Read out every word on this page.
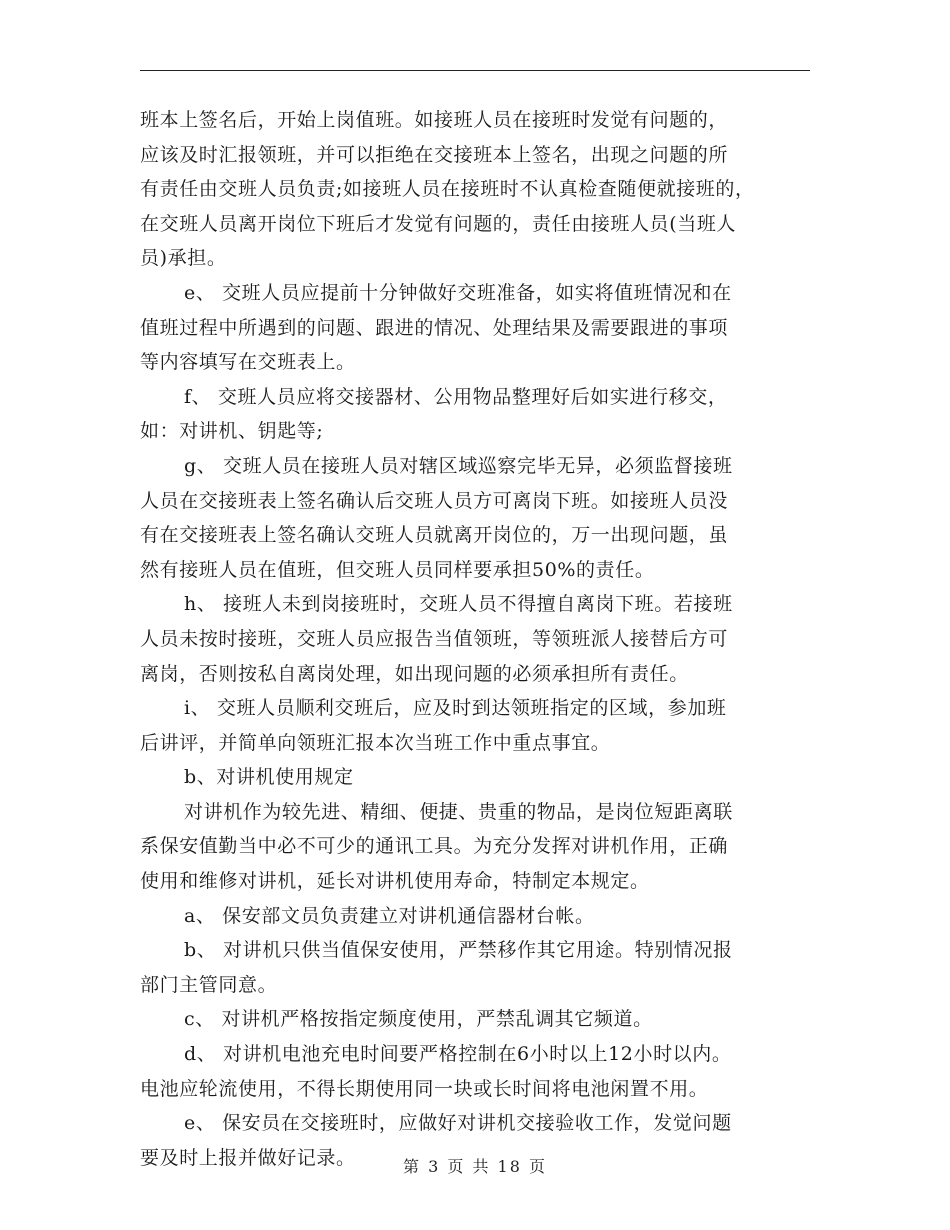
班本上签名后，开始上岗值班。如接班人员在接班时发觉有问题的，
应该及时汇报领班，并可以拒绝在交接班本上签名，出现之问题的所
有责任由交班人员负责;如接班人员在接班时不认真检查随便就接班的，
在交班人员离开岗位下班后才发觉有问题的，责任由接班人员(当班人
员)承担。
e、 交班人员应提前十分钟做好交班准备，如实将值班情况和在
值班过程中所遇到的问题、跟进的情况、处理结果及需要跟进的事项
等内容填写在交班表上。
f、 交班人员应将交接器材、公用物品整理好后如实进行移交，
如：对讲机、钥匙等;
g、 交班人员在接班人员对辖区域巡察完毕无异，必须监督接班
人员在交接班表上签名确认后交班人员方可离岗下班。如接班人员没
有在交接班表上签名确认交班人员就离开岗位的，万一出现问题，虽
然有接班人员在值班，但交班人员同样要承担50%的责任。
h、 接班人未到岗接班时，交班人员不得擅自离岗下班。若接班
人员未按时接班，交班人员应报告当值领班，等领班派人接替后方可
离岗，否则按私自离岗处理，如出现问题的必须承担所有责任。
i、 交班人员顺利交班后，应及时到达领班指定的区域，参加班
后讲评，并简单向领班汇报本次当班工作中重点事宜。
b、对讲机使用规定
对讲机作为较先进、精细、便捷、贵重的物品，是岗位短距离联
系保安值勤当中必不可少的通讯工具。为充分发挥对讲机作用，正确
使用和维修对讲机，延长对讲机使用寿命，特制定本规定。
a、 保安部文员负责建立对讲机通信器材台帐。
b、 对讲机只供当值保安使用，严禁移作其它用途。特别情况报
部门主管同意。
c、 对讲机严格按指定频度使用，严禁乱调其它频道。
d、 对讲机电池充电时间要严格控制在6小时以上12小时以内。
电池应轮流使用，不得长期使用同一块或长时间将电池闲置不用。
e、 保安员在交接班时，应做好对讲机交接验收工作，发觉问题
要及时上报并做好记录。	第 3 页 共 18 页
